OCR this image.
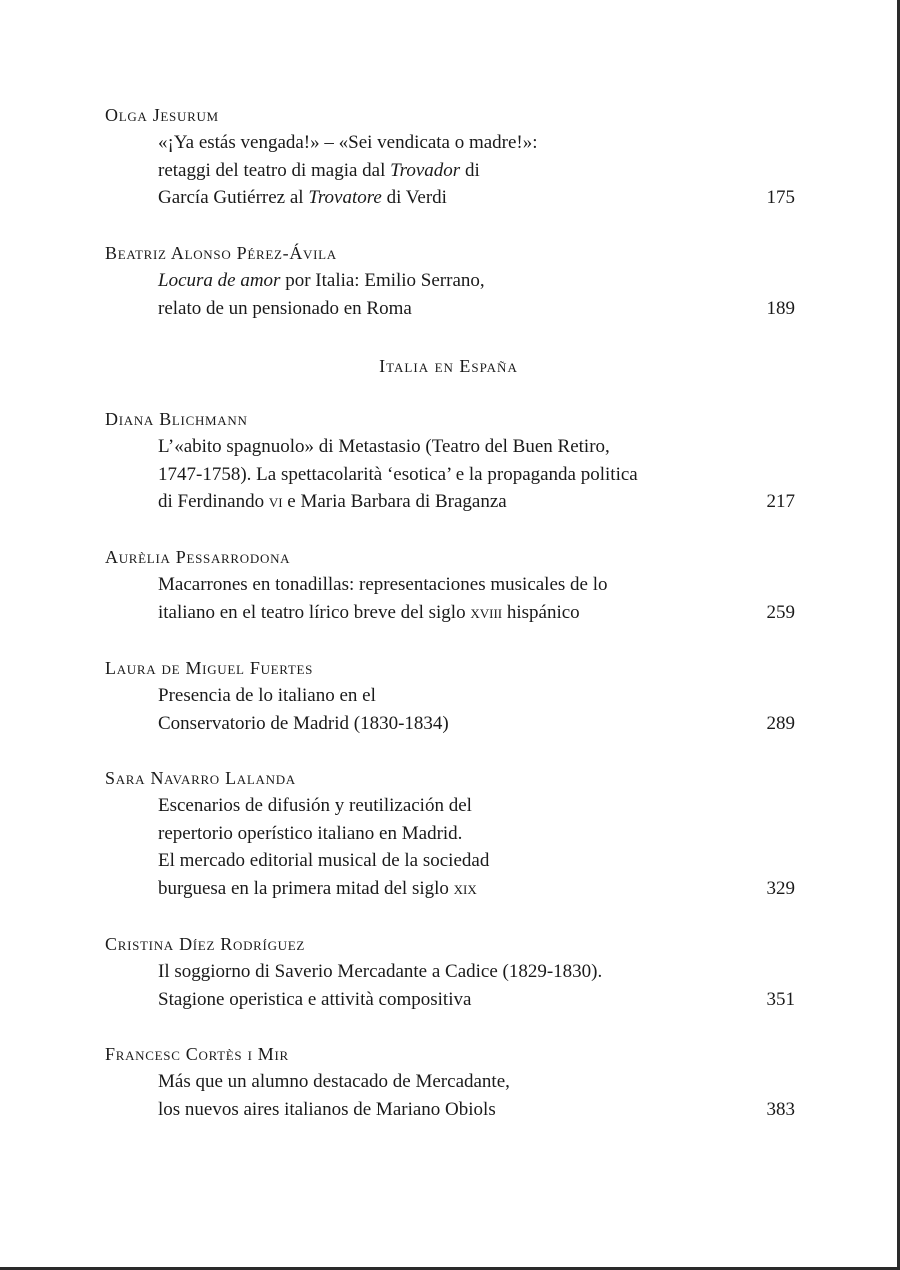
Olga Jesurum
«¡Ya estás vengada!» – «Sei vendicata o madre!»:
retaggi del teatro di magia dal Trovador di
García Gutiérrez al Trovatore di Verdi	175
Beatriz Alonso Pérez-Ávila
Locura de amor por Italia: Emilio Serrano,
relato de un pensionado en Roma	189
Italia en España
Diana Blichmann
L’«abito spagnuolo» di Metastasio (Teatro del Buen Retiro,
1747-1758). La spettacolarità ‘esotica’ e la propaganda politica
di Ferdinando vi e Maria Barbara di Braganza	217
Aurèlia Pessarrodona
Macarrones en tonadillas: representaciones musicales de lo
italiano en el teatro lírico breve del siglo xviii hispánico	259
Laura de Miguel Fuertes
Presencia de lo italiano en el
Conservatorio de Madrid (1830-1834)	289
Sara Navarro Lalanda
Escenarios de difusión y reutilización del
repertorio operístico italiano en Madrid.
El mercado editorial musical de la sociedad
burguesa en la primera mitad del siglo xix	329
Cristina Díez Rodríguez
Il soggiorno di Saverio Mercadante a Cadice (1829-1830).
Stagione operistica e attività compositiva	351
Francesc Cortès i Mir
Más que un alumno destacado de Mercadante,
los nuevos aires italianos de Mariano Obiols	383
